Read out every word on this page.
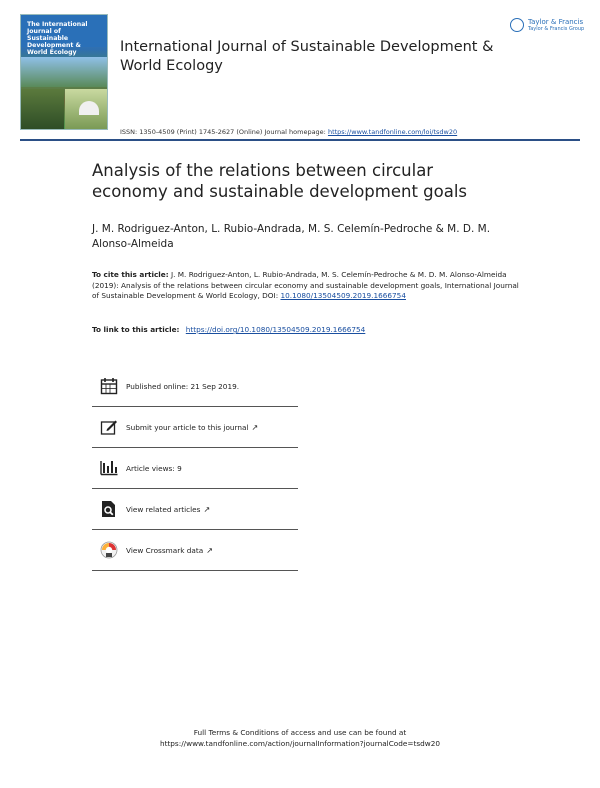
The International Journal of Sustainable Development & World Ecology	International Journal of Sustainable Development & World Ecology
Taylor & Francis
Taylor & Francis Group
ISSN: 1350-4509 (Print) 1745-2627 (Online) Journal homepage: https://www.tandfonline.com/loi/tsdw20
Analysis of the relations between circular economy and sustainable development goals
J. M. Rodriguez-Anton, L. Rubio-Andrada, M. S. Celemín-Pedroche & M. D. M. Alonso-Almeida
To cite this article: J. M. Rodriguez-Anton, L. Rubio-Andrada, M. S. Celemín-Pedroche & M. D. M. Alonso-Almeida (2019): Analysis of the relations between circular economy and sustainable development goals, International Journal of Sustainable Development & World Ecology, DOI: 10.1080/13504509.2019.1666754
To link to this article: https://doi.org/10.1080/13504509.2019.1666754
Published online: 21 Sep 2019.
Submit your article to this journal ↗
Article views: 9
View related articles ↗
View Crossmark data ↗
Full Terms & Conditions of access and use can be found at
https://www.tandfonline.com/action/journalInformation?journalCode=tsdw20
